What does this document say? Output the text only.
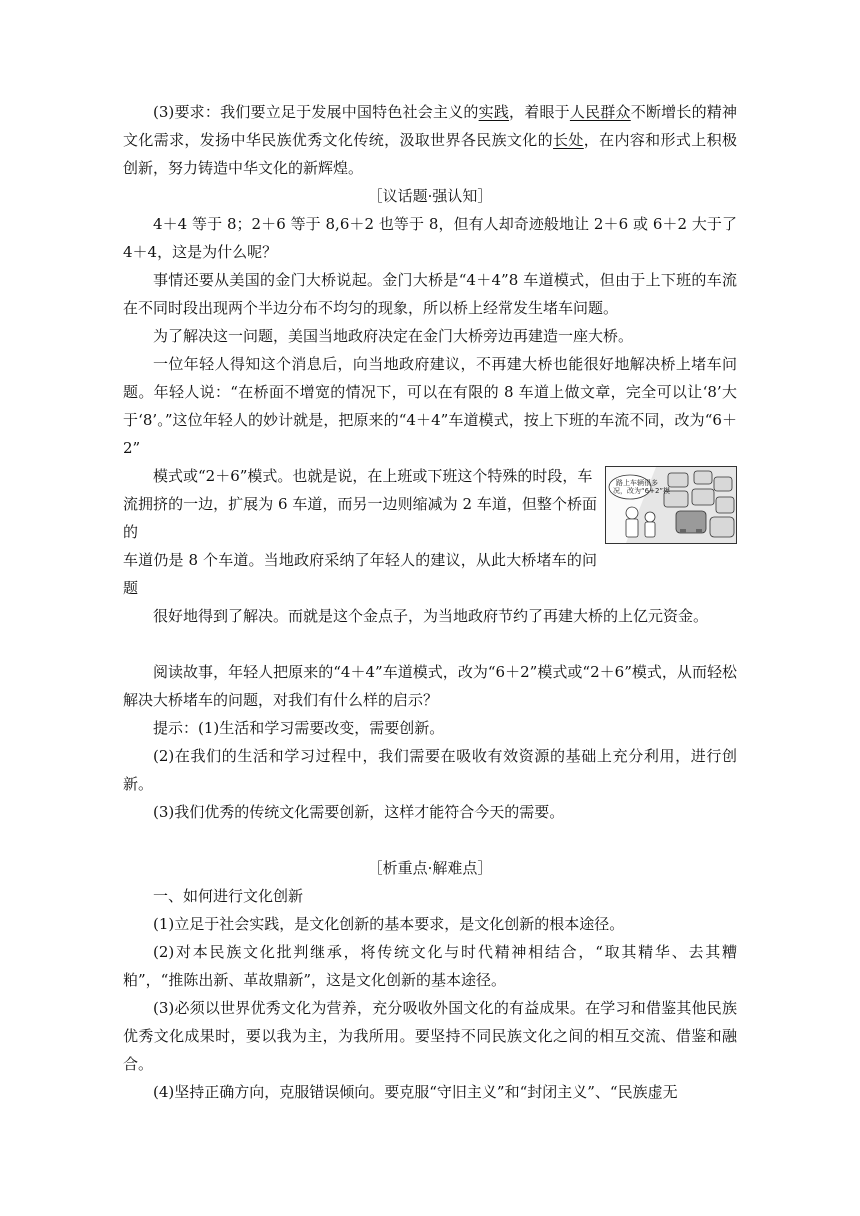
(3)要求：我们要立足于发展中国特色社会主义的实践，着眼于人民群众不断增长的精神文化需求，发扬中华民族优秀文化传统，汲取世界各民族文化的长处，在内容和形式上积极创新，努力铸造中华文化的新辉煌。

［议话题·强认知］

4＋4 等于 8；2＋6 等于 8,6＋2 也等于 8，但有人却奇迹般地让 2＋6 或 6＋2 大于了 4＋4，这是为什么呢？

事情还要从美国的金门大桥说起。金门大桥是“4＋4”8 车道模式，但由于上下班的车流在不同时段出现两个半边分布不均匀的现象，所以桥上经常发生堵车问题。

为了解决这一问题，美国当地政府决定在金门大桥旁边再建造一座大桥。

一位年轻人得知这个消息后，向当地政府建议，不再建大桥也能很好地解决桥上堵车问题。年轻人说：“在桥面不增宽的情况下，可以在有限的 8 车道上做文章，完全可以让‘8’大于‘8’。”这位年轻人的妙计就是，把原来的“4＋4”车道模式，按上下班的车流不同，改为“6＋2”

路上车辆很多
况，改为“6+2”模

模式或“2＋6”模式。也就是说，在上班或下班这个特殊的时段，车

流拥挤的一边，扩展为 6 车道，而另一边则缩减为 2 车道，但整个桥面的

车道仍是 8 个车道。当地政府采纳了年轻人的建议，从此大桥堵车的问题

很好地得到了解决。而就是这个金点子，为当地政府节约了再建大桥的上亿元资金。

阅读故事，年轻人把原来的“4＋4”车道模式，改为“6＋2”模式或“2＋6”模式，从而轻松解决大桥堵车的问题，对我们有什么样的启示？

提示：(1)生活和学习需要改变，需要创新。

(2)在我们的生活和学习过程中，我们需要在吸收有效资源的基础上充分利用，进行创新。

(3)我们优秀的传统文化需要创新，这样才能符合今天的需要。

［析重点·解难点］

一、如何进行文化创新

(1)立足于社会实践，是文化创新的基本要求，是文化创新的根本途径。

(2)对本民族文化批判继承，将传统文化与时代精神相结合，“取其精华、去其糟粕”，“推陈出新、革故鼎新”，这是文化创新的基本途径。

(3)必须以世界优秀文化为营养，充分吸收外国文化的有益成果。在学习和借鉴其他民族优秀文化成果时，要以我为主，为我所用。要坚持不同民族文化之间的相互交流、借鉴和融合。

(4)坚持正确方向，克服错误倾向。要克服“守旧主义”和“封闭主义”、“民族虚无
